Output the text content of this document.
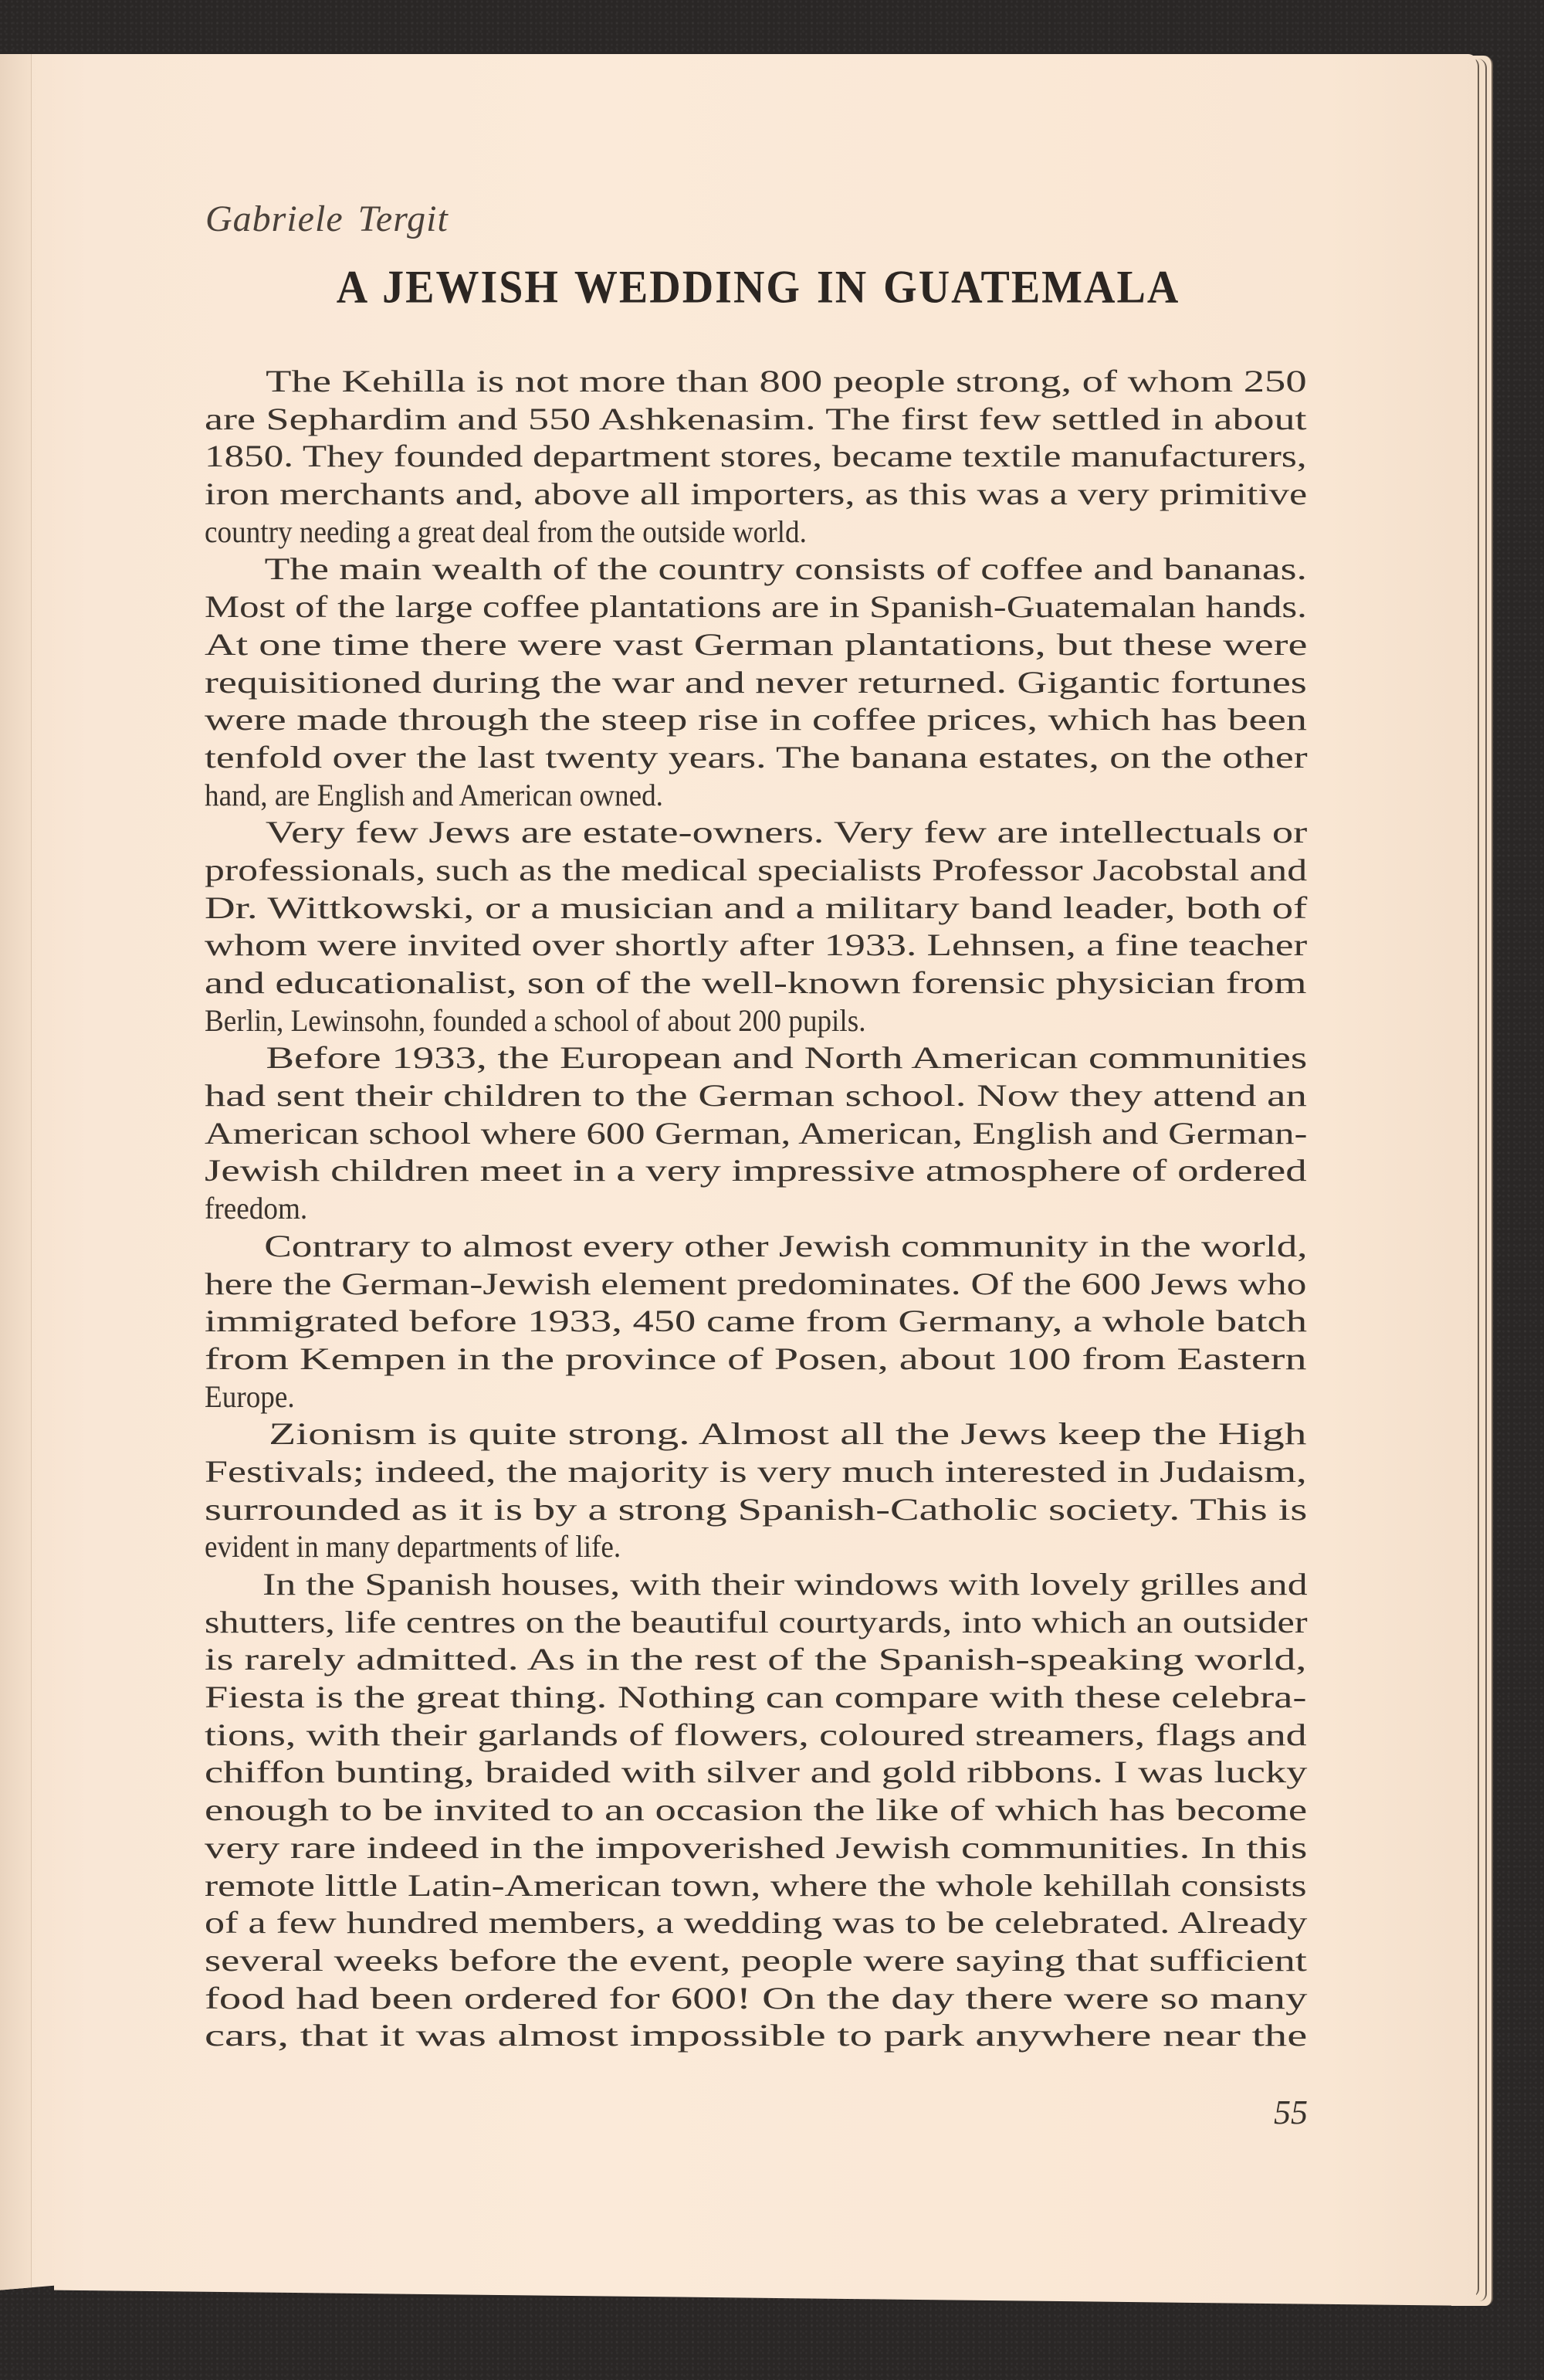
Gabriele Tergit
A JEWISH WEDDING IN GUATEMALA
The Kehilla is not more than 800 people strong, of whom 250
are Sephardim and 550 Ashkenasim. The first few settled in about
1850. They founded department stores, became textile manufacturers,
iron merchants and, above all importers, as this was a very primitive
country needing a great deal from the outside world.
The main wealth of the country consists of coffee and bananas.
Most of the large coffee plantations are in Spanish-Guatemalan hands.
At one time there were vast German plantations, but these were
requisitioned during the war and never returned. Gigantic fortunes
were made through the steep rise in coffee prices, which has been
tenfold over the last twenty years. The banana estates, on the other
hand, are English and American owned.
Very few Jews are estate-owners. Very few are intellectuals or
professionals, such as the medical specialists Professor Jacobstal and
Dr. Wittkowski, or a musician and a military band leader, both of
whom were invited over shortly after 1933. Lehnsen, a fine teacher
and educationalist, son of the well-known forensic physician from
Berlin, Lewinsohn, founded a school of about 200 pupils.
Before 1933, the European and North American communities
had sent their children to the German school. Now they attend an
American school where 600 German, American, English and German-
Jewish children meet in a very impressive atmosphere of ordered
freedom.
Contrary to almost every other Jewish community in the world,
here the German-Jewish element predominates. Of the 600 Jews who
immigrated before 1933, 450 came from Germany, a whole batch
from Kempen in the province of Posen, about 100 from Eastern
Europe.
Zionism is quite strong. Almost all the Jews keep the High
Festivals; indeed, the majority is very much interested in Judaism,
surrounded as it is by a strong Spanish-Catholic society. This is
evident in many departments of life.
In the Spanish houses, with their windows with lovely grilles and
shutters, life centres on the beautiful courtyards, into which an outsider
is rarely admitted. As in the rest of the Spanish-speaking world,
Fiesta is the great thing. Nothing can compare with these celebra-
tions, with their garlands of flowers, coloured streamers, flags and
chiffon bunting, braided with silver and gold ribbons. I was lucky
enough to be invited to an occasion the like of which has become
very rare indeed in the impoverished Jewish communities. In this
remote little Latin-American town, where the whole kehillah consists
of a few hundred members, a wedding was to be celebrated. Already
several weeks before the event, people were saying that sufficient
food had been ordered for 600! On the day there were so many
cars, that it was almost impossible to park anywhere near the
55
